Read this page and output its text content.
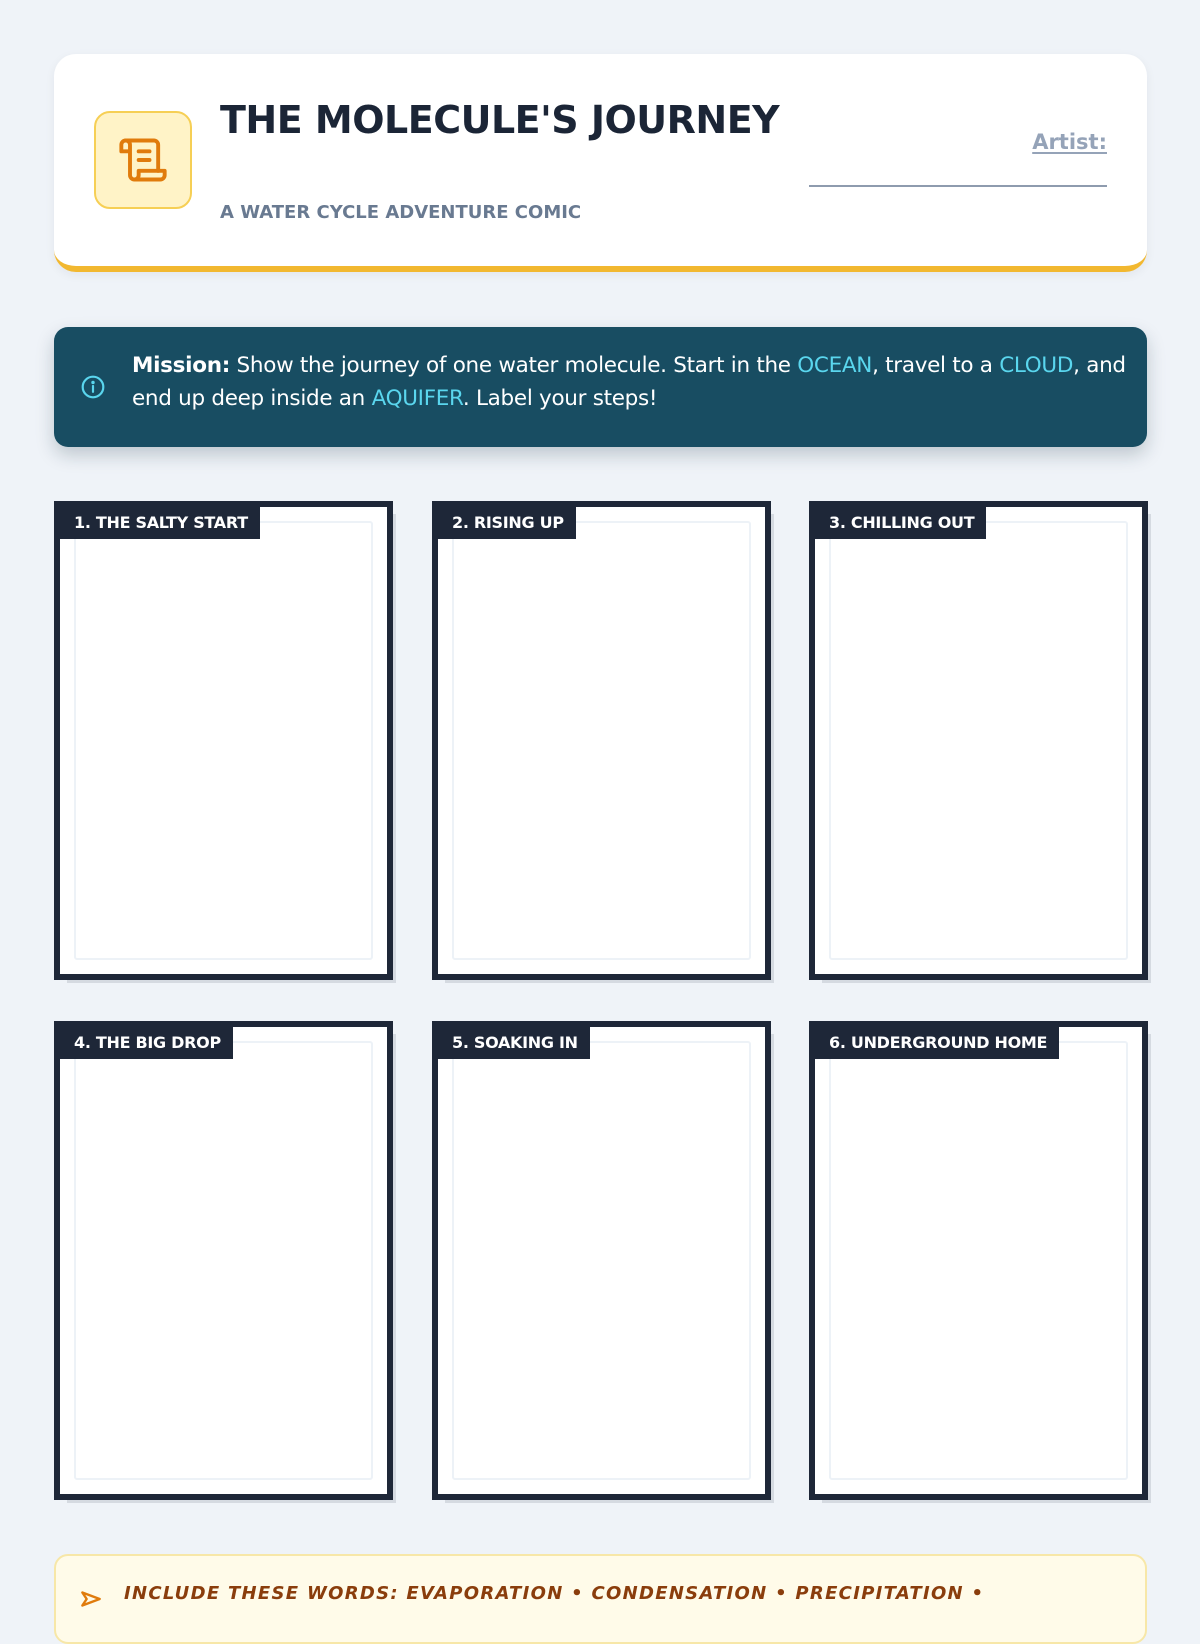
THE MOLECULE'S JOURNEY
A WATER CYCLE ADVENTURE COMIC
Artist:
Mission: Show the journey of one water molecule. Start in the OCEAN, travel to a CLOUD, and end up deep inside an AQUIFER. Label your steps!
1. THE SALTY START	2. RISING UP	3. CHILLING OUT
4. THE BIG DROP	5. SOAKING IN	6. UNDERGROUND HOME
INCLUDE THESE WORDS: EVAPORATION • CONDENSATION • PRECIPITATION •
